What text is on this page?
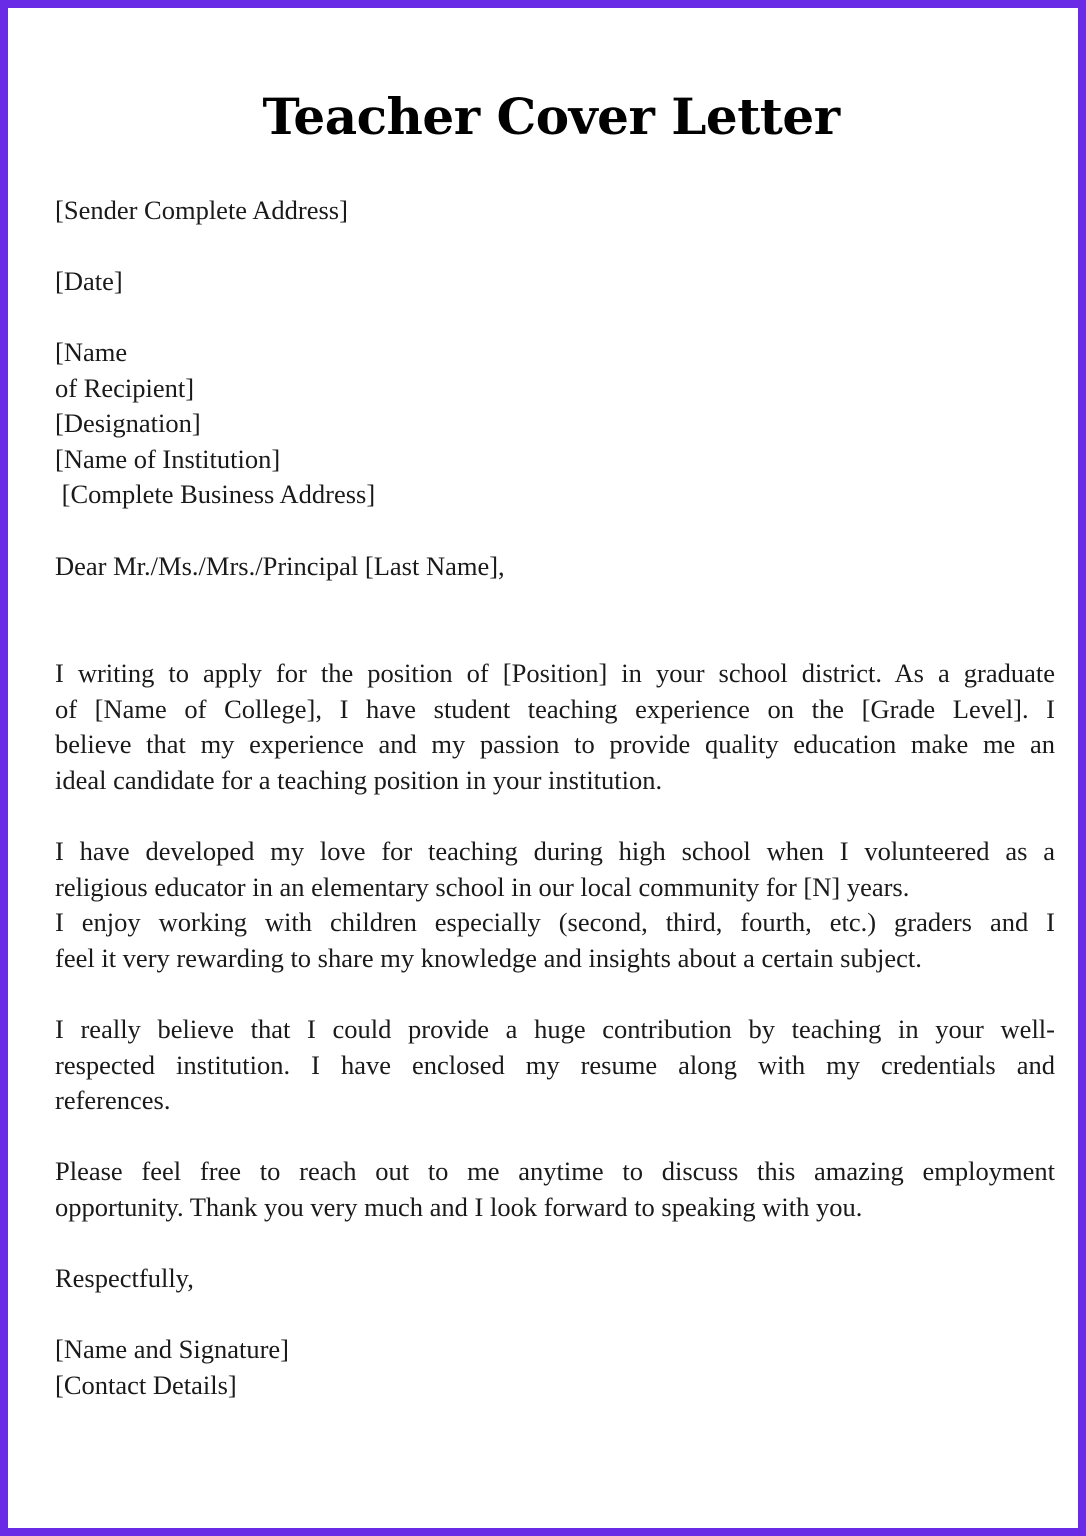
Teacher Cover Letter
[Sender Complete Address]
[Date]
[Name
of Recipient]
[Designation]
[Name of Institution]
[Complete Business Address]
Dear Mr./Ms./Mrs./Principal [Last Name],
I writing to apply for the position of [Position] in your school district. As a graduate
of [Name of College], I have student teaching experience on the [Grade Level]. I
believe that my experience and my passion to provide quality education make me an
ideal candidate for a teaching position in your institution.
I have developed my love for teaching during high school when I volunteered as a
religious educator in an elementary school in our local community for [N] years.
I enjoy working with children especially (second, third, fourth, etc.) graders and I
feel it very rewarding to share my knowledge and insights about a certain subject.
I really believe that I could provide a huge contribution by teaching in your well-
respected institution. I have enclosed my resume along with my credentials and
references.
Please feel free to reach out to me anytime to discuss this amazing employment
opportunity. Thank you very much and I look forward to speaking with you.
Respectfully,
[Name and Signature]
[Contact Details]
